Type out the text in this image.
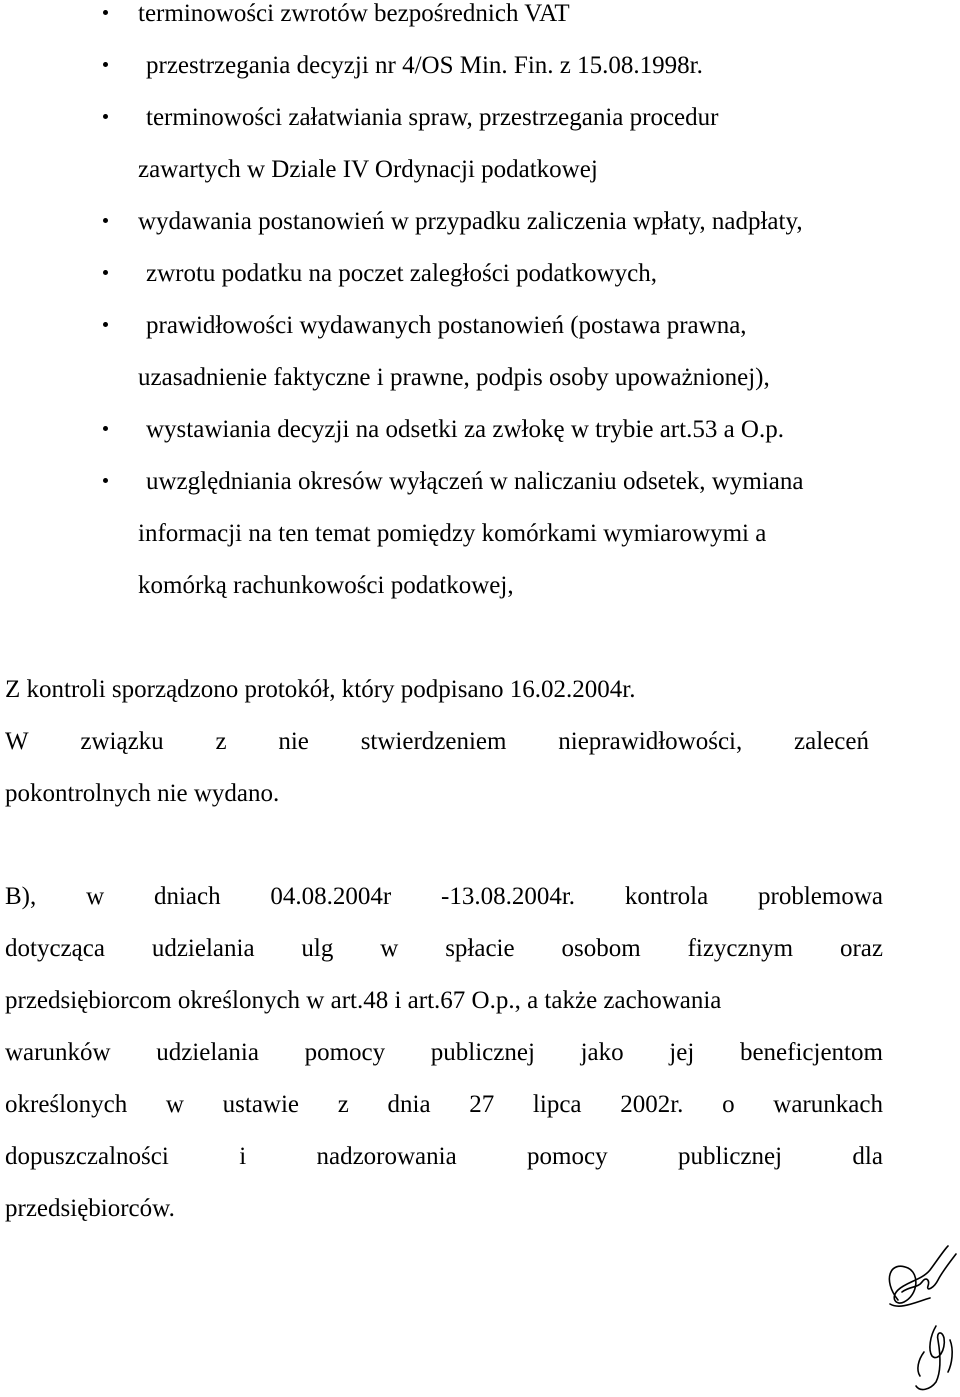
terminowości zwrotów bezpośrednich VAT
przestrzegania decyzji nr 4/OS Min. Fin. z 15.08.1998r.
terminowości załatwiania spraw, przestrzegania procedur
zawartych w Dziale IV Ordynacji podatkowej
wydawania postanowień w przypadku zaliczenia wpłaty, nadpłaty,
zwrotu podatku na poczet zaległości podatkowych,
prawidłowości wydawanych postanowień (postawa prawna,
uzasadnienie faktyczne i prawne, podpis osoby upoważnionej),
wystawiania decyzji na odsetki za zwłokę w trybie art.53 a O.p.
uwzględniania okresów wyłączeń w naliczaniu odsetek, wymiana
informacji na ten temat pomiędzy komórkami wymiarowymi a
komórką rachunkowości podatkowej,
Z kontroli sporządzono protokół, który podpisano 16.02.2004r.
W związku z nie stwierdzeniem nieprawidłowości, zaleceń
pokontrolnych nie wydano.
B), w dniach 04.08.2004r -13.08.2004r. kontrola problemowa
dotycząca udzielania ulg w spłacie osobom fizycznym oraz
przedsiębiorcom określonych w art.48 i art.67 O.p., a także zachowania
warunków udzielania pomocy publicznej jako jej beneficjentom
określonych w ustawie z dnia 27 lipca 2002r. o warunkach
dopuszczalności	i	nadzorowania	pomocy	publicznej	dla
przedsiębiorców.
